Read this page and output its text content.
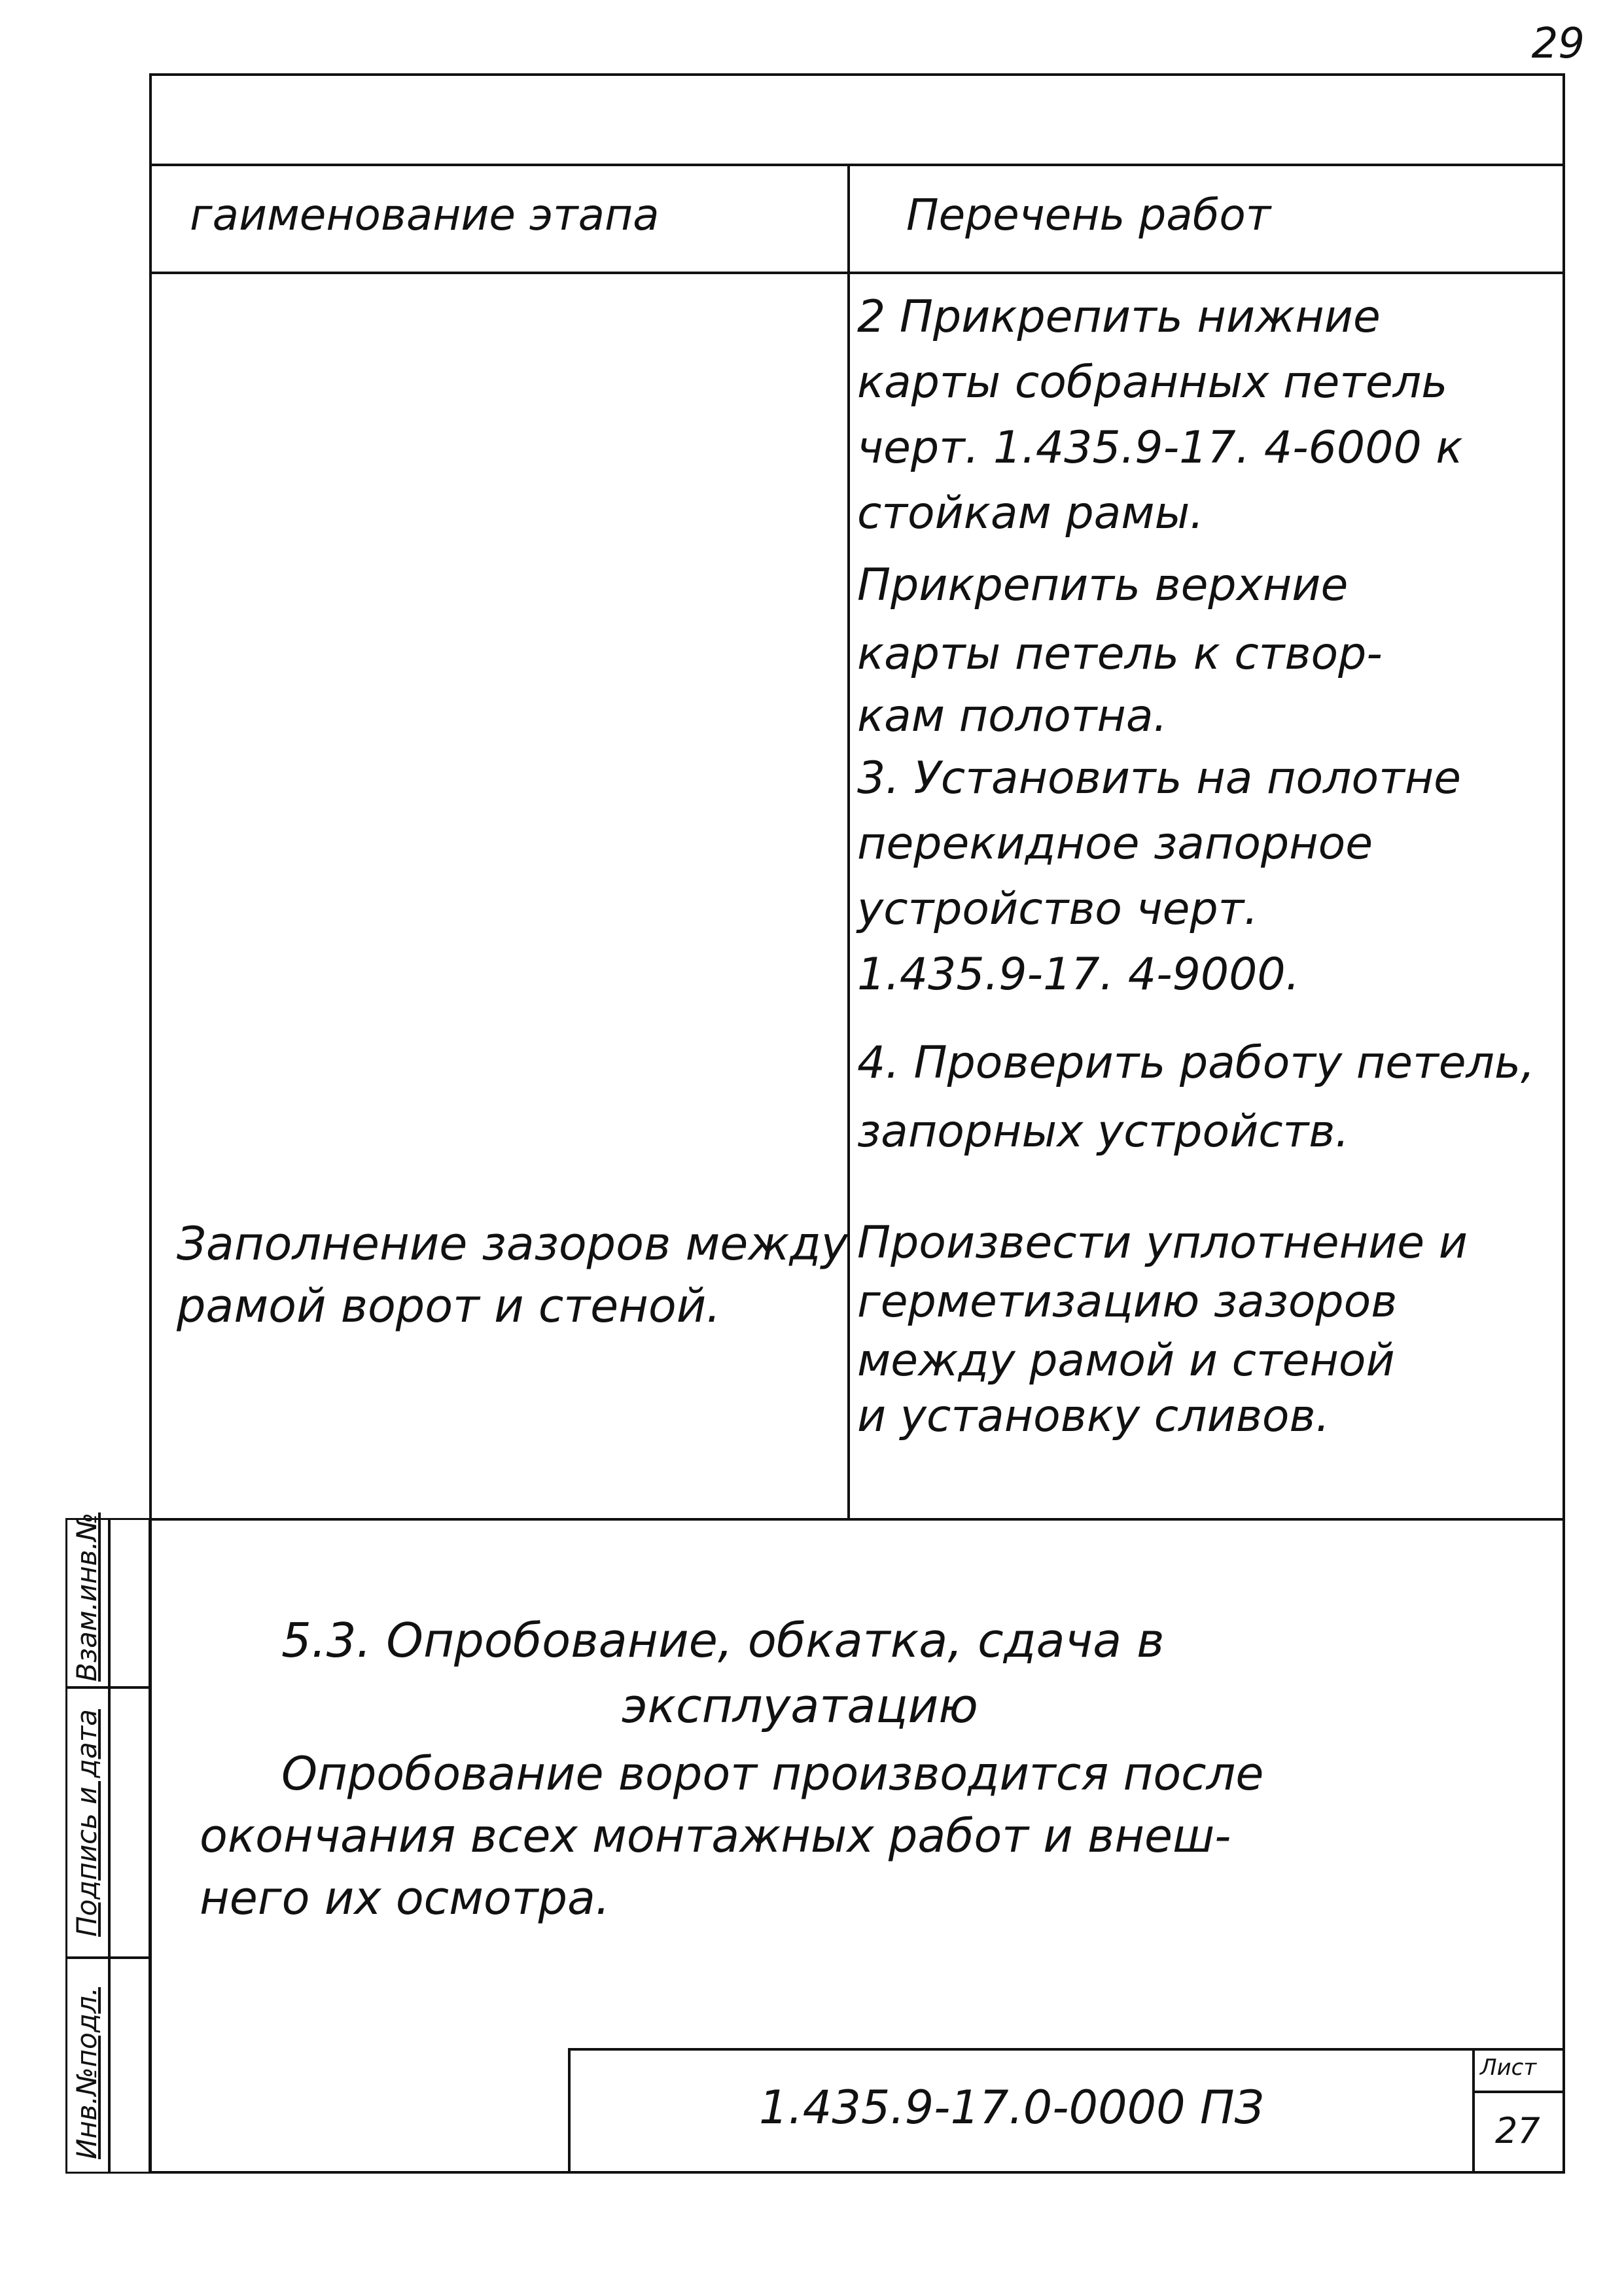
29
гаименование этапа	Перечень работ
2 Прикрепить нижние
карты собранных петель
черт. 1.435.9-17. 4-6000 к
стойкам рамы.
Прикрепить верхние
карты петель к створ-
кам полотна.
3. Установить на полотне
перекидное запорное
устройство черт.
1.435.9-17. 4-9000.
4. Проверить работу петель,
запорных устройств.
Заполнение зазоров между
рамой ворот и стеной.
Произвести уплотнение и
герметизацию зазоров
между рамой и стеной
и установку сливов.
5.3. Опробование, обкатка, сдача в
эксплуатацию
Опробование ворот производится после
окончания всех монтажных работ и внеш-
него их осмотра.
Взам.инв.№
Подпись и дата
Инв.№подл.	1.435.9-17.0-0000 ПЗ
Лист
27
